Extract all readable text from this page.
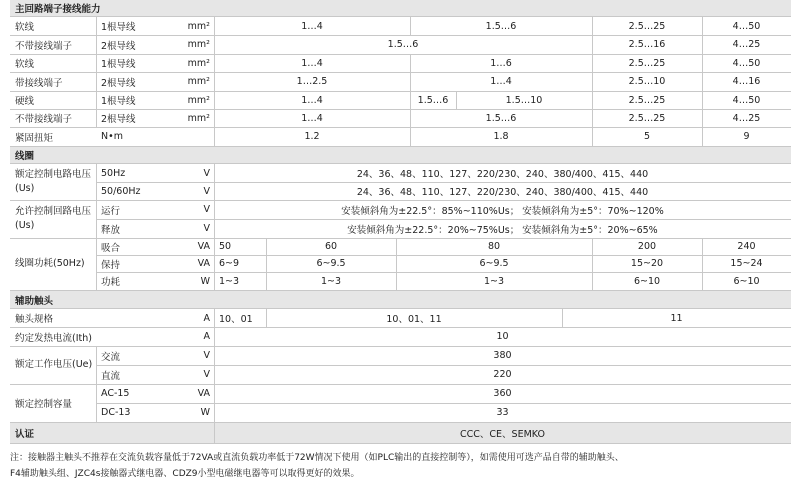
主回路端子接线能力
软线	1根导线	mm²	1…4	1.5…6	2.5…25	4…50
不带接线端子	2根导线	mm²	1.5…6	2.5…16	4…25
软线	1根导线	mm²	1…4	1…6	2.5…25	4…50
带接线端子	2根导线	mm²	1…2.5	1…4	2.5…10	4…16
硬线	1根导线	mm²	1…4	1.5…6	1.5…10	2.5…25	4…50
不带接线端子	2根导线	mm²	1…4	1.5…6	2.5…25	4…25
紧固扭矩	N•m	1.2	1.8	5	9
线圈
额定控制电路电压(Us)
50Hz	V	24、36、48、110、127、220/230、240、380/400、415、440
50/60Hz	V	24、36、48、110、127、220/230、240、380/400、415、440
允许控制回路电压(Us)
运行	V	安装倾斜角为±22.5°：85%~110%Us； 安装倾斜角为±5°：70%~120%
释放	V	安装倾斜角为±22.5°：20%~75%Us； 安装倾斜角为±5°：20%~65%
线圈功耗(50Hz)
吸合	VA 50	60	80	200	240
保持	VA 6~9	6~9.5	6~9.5	15~20	15~24
功耗	W 1~3	1~3	1~3	6~10	6~10
辅助触头
触头规格	A 10、01	10、01、11	11
约定发热电流(Ith)	A	10
额定工作电压(Ue)
交流	V	380
直流	V	220
额定控制容量
AC-15	VA	360
DC-13	W	33
认证	CCC、CE、SEMKO
注：接触器主触头不推荐在交流负载容量低于72VA或直流负载功率低于72W情况下使用（如PLC输出的直接控制等），如需使用可选产品自带的辅助触头、
F4辅助触头组、JZC4s接触器式继电器、CDZ9小型电磁继电器等可以取得更好的效果。
